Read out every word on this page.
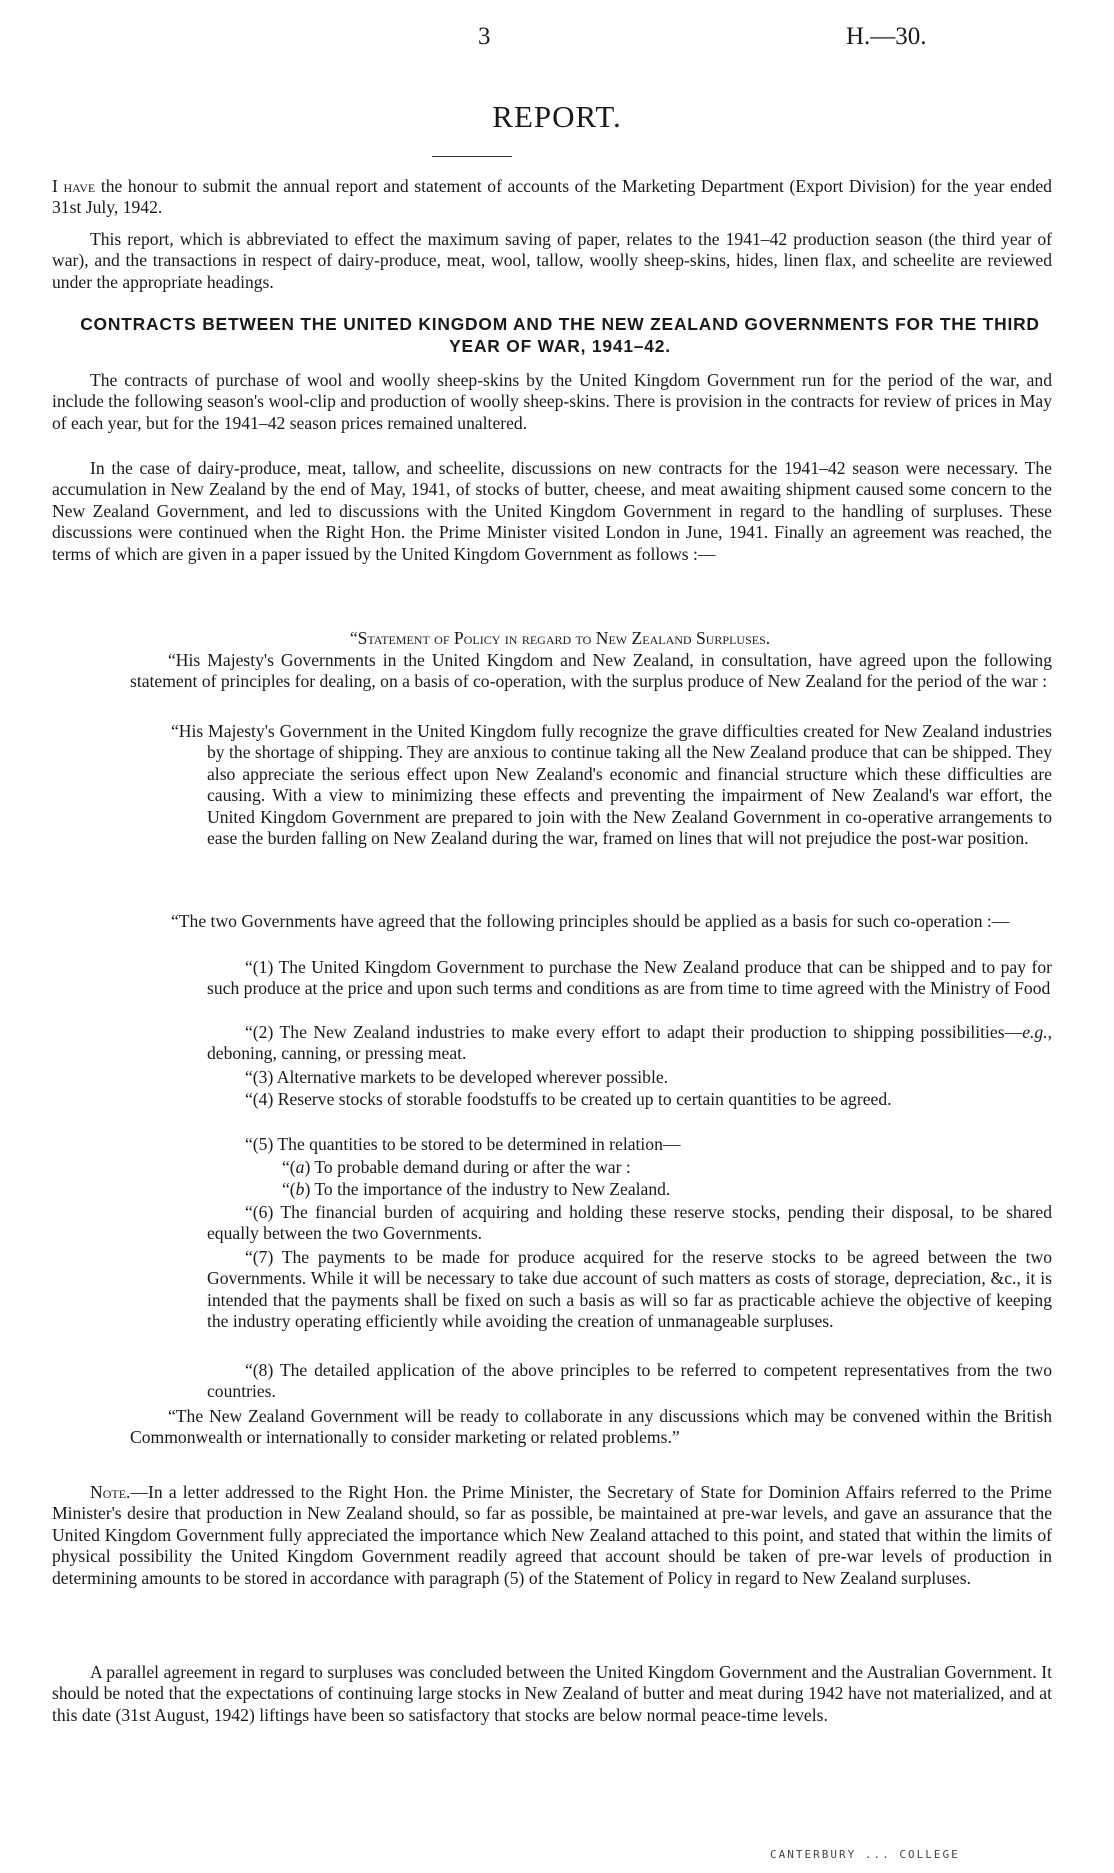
3	H.—30.
REPORT.
I have the honour to submit the annual report and statement of accounts of the Marketing Department (Export Division) for the year ended 31st July, 1942.
This report, which is abbreviated to effect the maximum saving of paper, relates to the 1941–42 production season (the third year of war), and the transactions in respect of dairy-produce, meat, wool, tallow, woolly sheep-skins, hides, linen flax, and scheelite are reviewed under the appropriate headings.
CONTRACTS BETWEEN THE UNITED KINGDOM AND THE NEW ZEALAND GOVERNMENTS FOR THE THIRD YEAR OF WAR, 1941–42.
The contracts of purchase of wool and woolly sheep-skins by the United Kingdom Government run for the period of the war, and include the following season's wool-clip and production of woolly sheep-skins. There is provision in the contracts for review of prices in May of each year, but for the 1941–42 season prices remained unaltered.
In the case of dairy-produce, meat, tallow, and scheelite, discussions on new contracts for the 1941–42 season were necessary. The accumulation in New Zealand by the end of May, 1941, of stocks of butter, cheese, and meat awaiting shipment caused some concern to the New Zealand Government, and led to discussions with the United Kingdom Government in regard to the handling of surpluses. These discussions were continued when the Right Hon. the Prime Minister visited London in June, 1941. Finally an agreement was reached, the terms of which are given in a paper issued by the United Kingdom Government as follows :—
“Statement of Policy in regard to New Zealand Surpluses.
“His Majesty's Governments in the United Kingdom and New Zealand, in consultation, have agreed upon the following statement of principles for dealing, on a basis of co-operation, with the surplus produce of New Zealand for the period of the war :
“His Majesty's Government in the United Kingdom fully recognize the grave difficulties created for New Zealand industries by the shortage of shipping. They are anxious to continue taking all the New Zealand produce that can be shipped. They also appreciate the serious effect upon New Zealand's economic and financial structure which these difficulties are causing. With a view to minimizing these effects and preventing the impairment of New Zealand's war effort, the United Kingdom Government are prepared to join with the New Zealand Government in co-operative arrangements to ease the burden falling on New Zealand during the war, framed on lines that will not prejudice the post-war position.
“The two Governments have agreed that the following principles should be applied as a basis for such co-operation :—
“(1) The United Kingdom Government to purchase the New Zealand produce that can be shipped and to pay for such produce at the price and upon such terms and conditions as are from time to time agreed with the Ministry of Food
“(2) The New Zealand industries to make every effort to adapt their production to shipping possibilities—e.g., deboning, canning, or pressing meat.
“(3) Alternative markets to be developed wherever possible.
“(4) Reserve stocks of storable foodstuffs to be created up to certain quantities to be agreed.
“(5) The quantities to be stored to be determined in relation—
“(a) To probable demand during or after the war :
“(b) To the importance of the industry to New Zealand.
“(6) The financial burden of acquiring and holding these reserve stocks, pending their disposal, to be shared equally between the two Governments.
“(7) The payments to be made for produce acquired for the reserve stocks to be agreed between the two Governments. While it will be necessary to take due account of such matters as costs of storage, depreciation, &c., it is intended that the payments shall be fixed on such a basis as will so far as practicable achieve the objective of keeping the industry operating efficiently while avoiding the creation of unmanageable surpluses.
“(8) The detailed application of the above principles to be referred to competent representatives from the two countries.
“The New Zealand Government will be ready to collaborate in any discussions which may be convened within the British Commonwealth or internationally to consider marketing or related problems.”
Note.—In a letter addressed to the Right Hon. the Prime Minister, the Secretary of State for Dominion Affairs referred to the Prime Minister's desire that production in New Zealand should, so far as possible, be maintained at pre-war levels, and gave an assurance that the United Kingdom Government fully appreciated the importance which New Zealand attached to this point, and stated that within the limits of physical possibility the United Kingdom Government readily agreed that account should be taken of pre-war levels of production in determining amounts to be stored in accordance with paragraph (5) of the Statement of Policy in regard to New Zealand surpluses.
A parallel agreement in regard to surpluses was concluded between the United Kingdom Government and the Australian Government. It should be noted that the expectations of continuing large stocks in New Zealand of butter and meat during 1942 have not materialized, and at this date (31st August, 1942) liftings have been so satisfactory that stocks are below normal peace-time levels.
CANTERBURY ... COLLEGE
